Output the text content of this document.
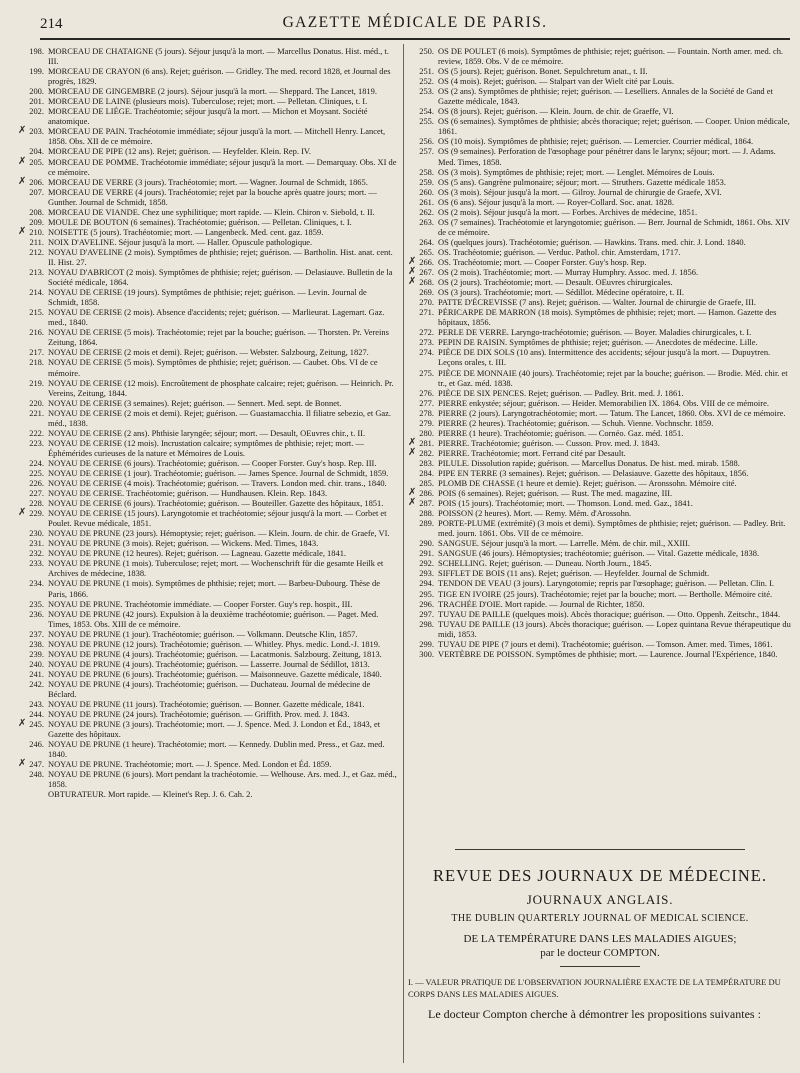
214	GAZETTE MÉDICALE DE PARIS.

198. MORCEAU DE CHATAIGNE (5 jours). Séjour jusqu'à la mort. — Marcellus Donatus. Hist. méd., t. III.

199. MORCEAU DE CRAYON (6 ans). Rejet; guérison. — Gridley. The med. record 1828, et Journal des progrès, 1829.

200. MORCEAU DE GINGEMBRE (2 jours). Séjour jusqu'à la mort. — Sheppard. The Lancet, 1819.

201. MORCEAU DE LAINE (plusieurs mois). Tuberculose; rejet; mort. — Pelletan. Cliniques, t. I.

202. MORCEAU DE LIÉGE. Trachéotomie; séjour jusqu'à la mort. — Michon et Moysant. Société anatomique.

✗ 203. MORCEAU DE PAIN. Trachéotomie immédiate; séjour jusqu'à la mort. — Mitchell Henry. Lancet, 1858. Obs. XII de ce mémoire.

204. MORCEAU DE PIPE (12 ans). Rejet; guérison. — Heyfelder. Klein. Rep. IV.

✗ 205. MORCEAU DE POMME. Trachéotomie immédiate; séjour jusqu'à la mort. — Demarquay. Obs. XI de ce mémoire.

✗ 206. MORCEAU DE VERRE (3 jours). Trachéotomie; mort. — Wagner. Journal de Schmidt, 1865.

207. MORCEAU DE VERRE (4 jours). Trachéotomie; rejet par la bouche après quatre jours; mort. — Gunther. Journal de Schmidt, 1858.

208. MORCEAU DE VIANDE. Chez une syphilitique; mort rapide. — Klein. Chiron v. Siebold, t. II.

209. MOULE DE BOUTON (6 semaines). Trachéotomie; guérison. — Pelletan. Cliniques, t. I.

✗ 210. NOISETTE (5 jours). Trachéotomie; mort. — Langenbeck. Med. cent. gaz. 1859.

211. NOIX D'AVELINE. Séjour jusqu'à la mort. — Haller. Opuscule pathologique.

212. NOYAU D'AVELINE (2 mois). Symptômes de phthisie; rejet; guérison. — Bartholin. Hist. anat. cent. II. Hist. 27.

213. NOYAU D'ABRICOT (2 mois). Symptômes de phthisie; rejet; guérison. — Delasiauve. Bulletin de la Société médicale, 1864.

214. NOYAU DE CERISE (19 jours). Symptômes de phthisie; rejet; guérison. — Levin. Journal de Schmidt, 1858.

215. NOYAU DE CERISE (2 mois). Absence d'accidents; rejet; guérison. — Marlieurat. Lagemart. Gaz. med., 1840.

216. NOYAU DE CERISE (5 mois). Trachéotomie; rejet par la bouche; guérison. — Thorsten. Pr. Vereins Zeitung, 1864.

217. NOYAU DE CERISE (2 mois et demi). Rejet; guérison. — Webster. Salzbourg, Zeitung, 1827.

218. NOYAU DE CERISE (5 mois). Symptômes de phthisie; rejet; guérison. — Caubet. Obs. VI de ce mémoire.

219. NOYAU DE CERISE (12 mois). Encroûtement de phosphate calcaire; rejet; guérison. — Heinrich. Pr. Vereins, Zeitung, 1844.

220. NOYAU DE CERISE (3 semaines). Rejet; guérison. — Sennert. Med. sept. de Bonnet.

221. NOYAU DE CERISE (2 mois et demi). Rejet; guérison. — Guastamacchia. Il filiatre sebezio, et Gaz. méd., 1838.

222. NOYAU DE CERISE (2 ans). Phthisie laryngée; séjour; mort. — Desault, OEuvres chir., t. II.

223. NOYAU DE CERISE (12 mois). Incrustation calcaire; symptômes de phthisie; rejet; mort. — Éphémérides curieuses de la nature et Mémoires de Louis.

224. NOYAU DE CERISE (6 jours). Trachéotomie; guérison. — Cooper Forster. Guy's hosp. Rep. III.

225. NOYAU DE CERISE (1 jour). Trachéotomie; guérison. — James Spence. Journal de Schmidt, 1859.

226. NOYAU DE CERISE (4 mois). Trachéotomie; guérison. — Travers. London med. chir. trans., 1840.

227. NOYAU DE CERISE. Trachéotomie; guérison. — Hundhausen. Klein. Rep. 1843.

228. NOYAU DE CERISE (6 jours). Trachéotomie; guérison. — Bouteiller. Gazette des hôpitaux, 1851.

✗ 229. NOYAU DE CERISE (15 jours). Laryngotomie et trachéotomie; séjour jusqu'à la mort. — Corbet et Poulet. Revue médicale, 1851.

230. NOYAU DE PRUNE (23 jours). Hémoptysie; rejet; guérison. — Klein. Journ. de chir. de Graefe, VI.

231. NOYAU DE PRUNE (3 mois). Rejet; guérison. — Wickens. Med. Times, 1843.

232. NOYAU DE PRUNE (12 heures). Rejet; guérison. — Lagneau. Gazette médicale, 1841.

233. NOYAU DE PRUNE (1 mois). Tuberculose; rejet; mort. — Wochenschrift für die gesamte Heilk et Archives de médecine, 1838.

234. NOYAU DE PRUNE (1 mois). Symptômes de phthisie; rejet; mort. — Barbeu-Dubourg. Thèse de Paris, 1866.

235. NOYAU DE PRUNE. Trachéotomie immédiate. — Cooper Forster. Guy's rep. hospit., III.

236. NOYAU DE PRUNE (42 jours). Expulsion à la deuxième trachéotomie; guérison. — Paget. Med. Times, 1853. Obs. XIII de ce mémoire.

237. NOYAU DE PRUNE (1 jour). Trachéotomie; guérison. — Volkmann. Deutsche Klin, 1857.

238. NOYAU DE PRUNE (12 jours). Trachéotomie; guérison. — Whitley. Phys. medic. Lond.-J. 1819.

239. NOYAU DE PRUNE (4 jours). Trachéotomie; guérison. — Lacatmonis. Salzbourg. Zeitung, 1813.

240. NOYAU DE PRUNE (4 jours). Trachéotomie; guérison. — Lasserre. Journal de Sédillot, 1813.

241. NOYAU DE PRUNE (6 jours). Trachéotomie; guérison. — Maisonneuve. Gazette médicale, 1840.

242. NOYAU DE PRUNE (4 jours). Trachéotomie; guérison. — Duchateau. Journal de médecine de Béclard.

243. NOYAU DE PRUNE (11 jours). Trachéotomie; guérison. — Bonner. Gazette médicale, 1841.

244. NOYAU DE PRUNE (24 jours). Trachéotomie; guérison. — Griffith. Prov. med. J. 1843.

✗ 245. NOYAU DE PRUNE (3 jours). Trachéotomie; mort. — J. Spence. Med. J. London et Éd., 1843, et Gazette des hôpitaux.

246. NOYAU DE PRUNE (1 heure). Trachéotomie; mort. — Kennedy. Dublin med. Press., et Gaz. med. 1840.

✗ 247. NOYAU DE PRUNE. Trachéotomie; mort. — J. Spence. Med. London et Éd. 1859.

248. NOYAU DE PRUNE (6 jours). Mort pendant la trachéotomie. — Welhouse. Ars. med. J., et Gaz. méd., 1858.

OBTURATEUR. Mort rapide. — Kleinet's Rep. J. 6. Cah. 2.

250. OS DE POULET (6 mois). Symptômes de phthisie; rejet; guérison. — Fountain. North amer. med. ch. review, 1859. Obs. V de ce mémoire.

251. OS (5 jours). Rejet; guérison. Bonet. Sepulchretum anat., t. II.

252. OS (4 mois). Rejet; guérison. — Stalpart van der Wielt cité par Louis.

253. OS (2 ans). Symptômes de phthisie; rejet; guérison. — Leselliers. Annales de la Société de Gand et Gazette médicale, 1843.

254. OS (8 jours). Rejet; guérison. — Klein. Journ. de chir. de Graeffe, VI.

255. OS (6 semaines). Symptômes de phthisie; abcès thoracique; rejet; guérison. — Cooper. Union médicale, 1861.

256. OS (10 mois). Symptômes de phthisie; rejet; guérison. — Lemercier. Courrier médical, 1864.

257. OS (9 semaines). Perforation de l'œsophage pour pénétrer dans le larynx; séjour; mort. — J. Adams. Med. Times, 1858.

258. OS (3 mois). Symptômes de phthisie; rejet; mort. — Lenglet. Mémoires de Louis.

259. OS (5 ans). Gangrène pulmonaire; séjour; mort. — Struthers. Gazette médicale 1853.

260. OS (3 mois). Séjour jusqu'à la mort. — Gilroy. Journal de chirurgie de Graefe, XVI.

261. OS (6 ans). Séjour jusqu'à la mort. — Royer-Collard. Soc. anat. 1828.

262. OS (2 mois). Séjour jusqu'à la mort. — Forbes. Archives de médecine, 1851.

263. OS (7 semaines). Trachéotomie et laryngotomie; guérison. — Berr. Journal de Schmidt, 1861. Obs. XIV de ce mémoire.

264. OS (quelques jours). Trachéotomie; guérison. — Hawkins. Trans. med. chir. J. Lond. 1840.

265. OS. Trachéotomie; guérison. — Verduc. Pathol. chir. Amsterdam, 1717.

✗ 266. OS. Trachéotomie; mort. — Cooper Forster. Guy's hosp. Rep.

✗ 267. OS (2 mois). Trachéotomie; mort. — Murray Humphry. Assoc. med. J. 1856.

✗ 268. OS (2 jours). Trachéotomie; mort. — Desault. OEuvres chirurgicales.

269. OS (3 jours). Trachéotomie; mort. — Sédillot. Médecine opératoire, t. II.

270. PATTE D'ÉCREVISSE (7 ans). Rejet; guérison. — Walter. Journal de chirurgie de Graefe, III.

271. PÉRICARPE DE MARRON (18 mois). Symptômes de phthisie; rejet; mort. — Hamon. Gazette des hôpitaux, 1856.

272. PERLE DE VERRE. Laryngo-trachéotomie; guérison. — Boyer. Maladies chirurgicales, t. I.

273. PEPIN DE RAISIN. Symptômes de phthisie; rejet; guérison. — Anecdotes de médecine. Lille.

274. PIÈCE DE DIX SOLS (10 ans). Intermittence des accidents; séjour jusqu'à la mort. — Dupuytren. Leçons orales, t. III.

275. PIÈCE DE MONNAIE (40 jours). Trachéotomie; rejet par la bouche; guérison. — Brodie. Méd. chir. et tr., et Gaz. méd. 1838.

276. PIÈCE DE SIX PENCES. Rejet; guérison. — Padley. Brit. med. J. 1861.

277. PIERRE enkystée; séjour; guérison. — Heider. Memorabilien IX. 1864. Obs. VIII de ce mémoire.

278. PIERRE (2 jours). Laryngotrachéotomie; mort. — Tatum. The Lancet, 1860. Obs. XVI de ce mémoire.

279. PIERRE (2 heures). Trachéotomie; guérison. — Schuh. Vienne. Vochnschr. 1859.

280. PIERRE (1 heure). Trachéotomie; guérison. — Cornéo. Gaz. méd. 1851.

✗ 281. PIERRE. Trachéotomie; guérison. — Cusson. Prov. med. J. 1843.

✗ 282. PIERRE. Trachéotomie; mort. Ferrand cité par Desault.

283. PILULE. Dissolution rapide; guérison. — Marcellus Donatus. De hist. med. mirab. 1588.

284. PIPE EN TERRE (3 semaines). Rejet; guérison. — Delasiauve. Gazette des hôpitaux, 1856.

285. PLOMB DE CHASSE (1 heure et demie). Rejet; guérison. — Aronssohn. Mémoire cité.

✗ 286. POIS (6 semaines). Rejet; guérison. — Rust. The med. magazine, III.

✗ 287. POIS (15 jours). Trachéotomie; mort. — Thomson. Lond. med. Gaz., 1841.

288. POISSON (2 heures). Mort. — Remy. Mém. d'Arossohn.

289. PORTE-PLUME (extrémité) (3 mois et demi). Symptômes de phthisie; rejet; guérison. — Padley. Brit. med. journ. 1861. Obs. VII de ce mémoire.

290. SANGSUE. Séjour jusqu'à la mort. — Larrelle. Mém. de chir. mil., XXIII.

291. SANGSUE (46 jours). Hémoptysies; trachéotomie; guérison. — Vital. Gazette médicale, 1838.

292. SCHELLING. Rejet; guérison. — Duneau. North Journ., 1845.

293. SIFFLET DE BOIS (11 ans). Rejet; guérison. — Heyfelder. Journal de Schmidt.

294. TENDON DE VEAU (3 jours). Laryngotomie; repris par l'œsophage; guérison. — Pelletan. Clin. I.

295. TIGE EN IVOIRE (25 jours). Trachéotomie; rejet par la bouche; mort. — Bertholle. Mémoire cité.

296. TRACHÉE D'OIE. Mort rapide. — Journal de Richter, 1850.

297. TUYAU DE PAILLE (quelques mois). Abcès thoracique; guérison. — Otto. Oppenh. Zeitschr., 1844.

298. TUYAU DE PAILLE (13 jours). Abcès thoracique; guérison. — Lopez quintana Revue thérapeutique du midi, 1853.

299. TUYAU DE PIPE (7 jours et demi). Trachéotomie; guérison. — Tomson. Amer. med. Times, 1861.

300. VERTÈBRE DE POISSON. Symptômes de phthisie; mort. — Laurence. Journal l'Expérience, 1840.

REVUE DES JOURNAUX DE MÉDECINE.
JOURNAUX ANGLAIS.
THE DUBLIN QUARTERLY JOURNAL OF MEDICAL SCIENCE.
DE LA TEMPÉRATURE DANS LES MALADIES AIGUES;
par le docteur COMPTON.
I. — VALEUR PRATIQUE DE L'OBSERVATION JOURNALIÈRE EXACTE DE LA TEMPÉRATURE DU CORPS DANS LES MALADIES AIGUES.
Le docteur Compton cherche à démontrer les propositions suivantes :
